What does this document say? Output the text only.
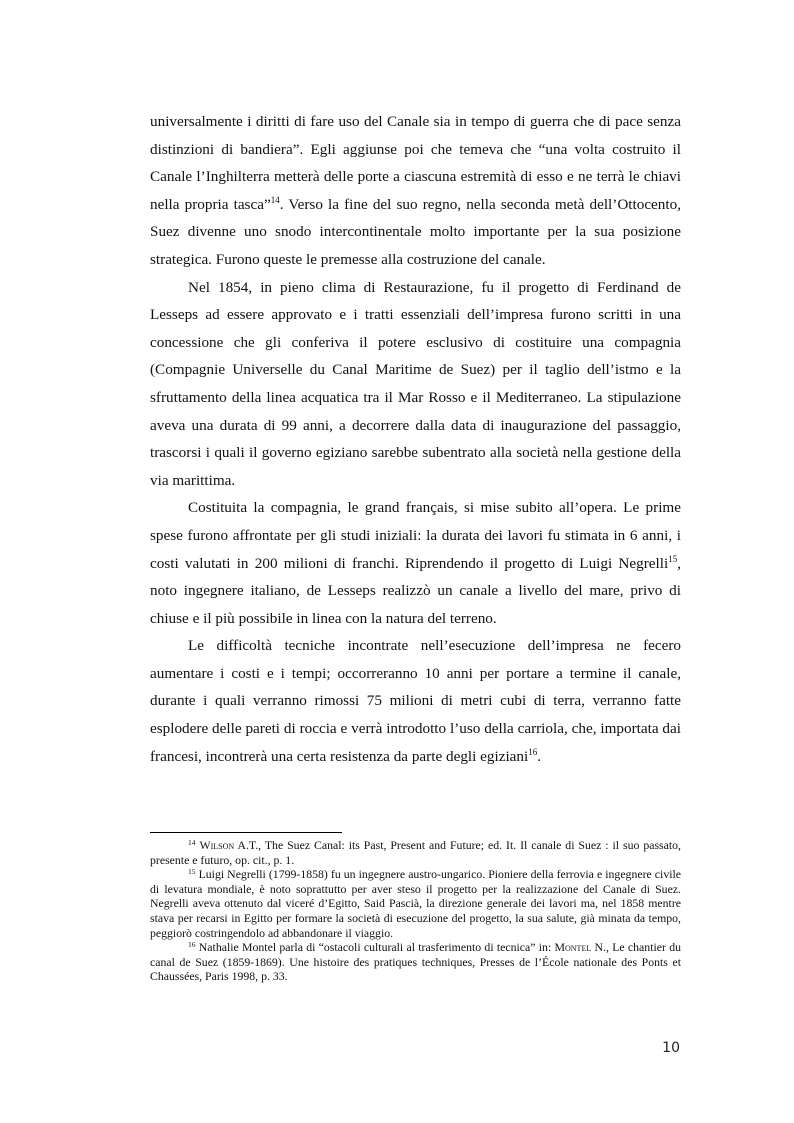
universalmente i diritti di fare uso del Canale sia in tempo di guerra che di pace senza distinzioni di bandiera”. Egli aggiunse poi che temeva che “una volta costruito il Canale l’Inghilterra metterà delle porte a ciascuna estremità di esso e ne terrà le chiavi nella propria tasca”$^{14}$. Verso la fine del suo regno, nella seconda metà dell’Ottocento, Suez divenne uno snodo intercontinentale molto importante per la sua posizione strategica. Furono queste le premesse alla costruzione del canale.

Nel 1854, in pieno clima di Restaurazione, fu il progetto di Ferdinand de Lesseps ad essere approvato e i tratti essenziali dell’impresa furono scritti in una concessione che gli conferiva il potere esclusivo di costituire una compagnia (Compagnie Universelle du Canal Maritime de Suez) per il taglio dell’istmo e la sfruttamento della linea acquatica tra il Mar Rosso e il Mediterraneo. La stipulazione aveva una durata di 99 anni, a decorrere dalla data di inaugurazione del passaggio, trascorsi i quali il governo egiziano sarebbe subentrato alla società nella gestione della via marittima.

Costituita la compagnia, le grand français, si mise subito all’opera. Le prime spese furono affrontate per gli studi iniziali: la durata dei lavori fu stimata in 6 anni, i costi valutati in 200 milioni di franchi. Riprendendo il progetto di Luigi Negrelli$^{15}$, noto ingegnere italiano, de Lesseps realizzò un canale a livello del mare, privo di chiuse e il più possibile in linea con la natura del terreno.

Le difficoltà tecniche incontrate nell’esecuzione dell’impresa ne fecero aumentare i costi e i tempi; occorreranno 10 anni per portare a termine il canale, durante i quali verranno rimossi 75 milioni di metri cubi di terra, verranno fatte esplodere delle pareti di roccia e verrà introdotto l’uso della carriola, che, importata dai francesi, incontrerà una certa resistenza da parte degli egiziani$^{16}$.

$^{14}$ Wilson A.T., The Suez Canal: its Past, Present and Future; ed. It. Il canale di Suez : il suo passato, presente e futuro, op. cit., p. 1.

$^{15}$ Luigi Negrelli (1799-1858) fu un ingegnere austro-ungarico. Pioniere della ferrovia e ingegnere civile di levatura mondiale, è noto soprattutto per aver steso il progetto per la realizzazione del Canale di Suez. Negrelli aveva ottenuto dal viceré d’Egitto, Said Pascià, la direzione generale dei lavori ma, nel 1858 mentre stava per recarsi in Egitto per formare la società di esecuzione del progetto, la sua salute, già minata da tempo, peggiorò costringendolo ad abbandonare il viaggio.

$^{16}$ Nathalie Montel parla di “ostacoli culturali al trasferimento di tecnica” in: Montel N., Le chantier du canal de Suez (1859-1869). Une histoire des pratiques techniques, Presses de l’École nationale des Ponts et Chaussées, Paris 1998, p. 33.

10
